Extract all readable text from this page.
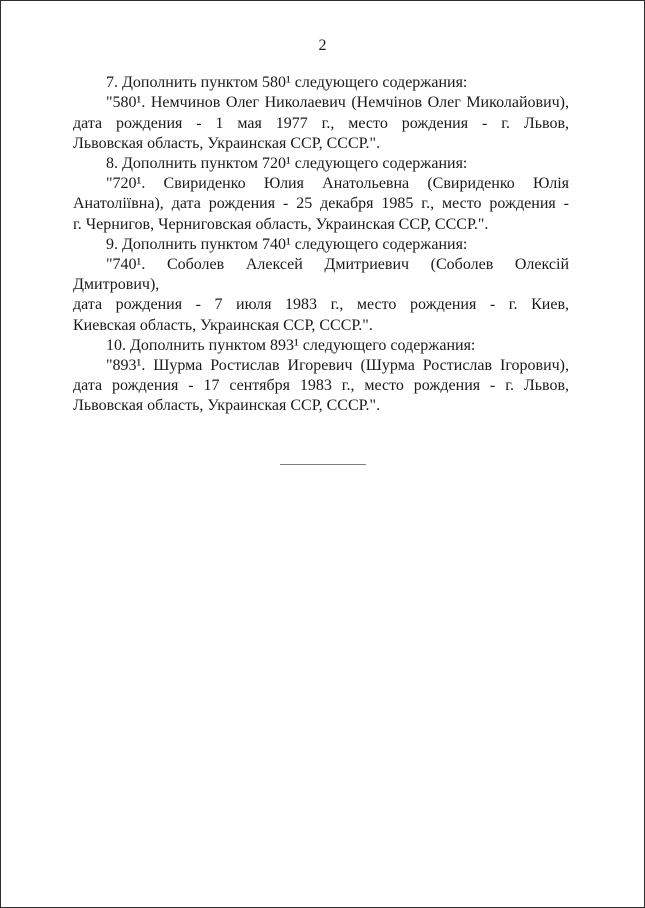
2
7. Дополнить пунктом 580¹ следующего содержания:
"580¹. Немчинов Олег Николаевич (Немчінов Олег Миколайович),
дата рождения - 1 мая 1977 г., место рождения - г. Львов,
Львовская область, Украинская ССР, СССР.".
8. Дополнить пунктом 720¹ следующего содержания:
"720¹. Свириденко Юлия Анатольевна (Свириденко Юлія
Анатоліївна), дата рождения - 25 декабря 1985 г., место рождения -
г. Чернигов, Черниговская область, Украинская ССР, СССР.".
9. Дополнить пунктом 740¹ следующего содержания:
"740¹. Соболев Алексей Дмитриевич (Соболев Олексій Дмитрович),
дата рождения - 7 июля 1983 г., место рождения - г. Киев,
Киевская область, Украинская ССР, СССР.".
10. Дополнить пунктом 893¹ следующего содержания:
"893¹. Шурма Ростислав Игоревич (Шурма Ростислав Ігорович),
дата рождения - 17 сентября 1983 г., место рождения - г. Львов,
Львовская область, Украинская ССР, СССР.".
